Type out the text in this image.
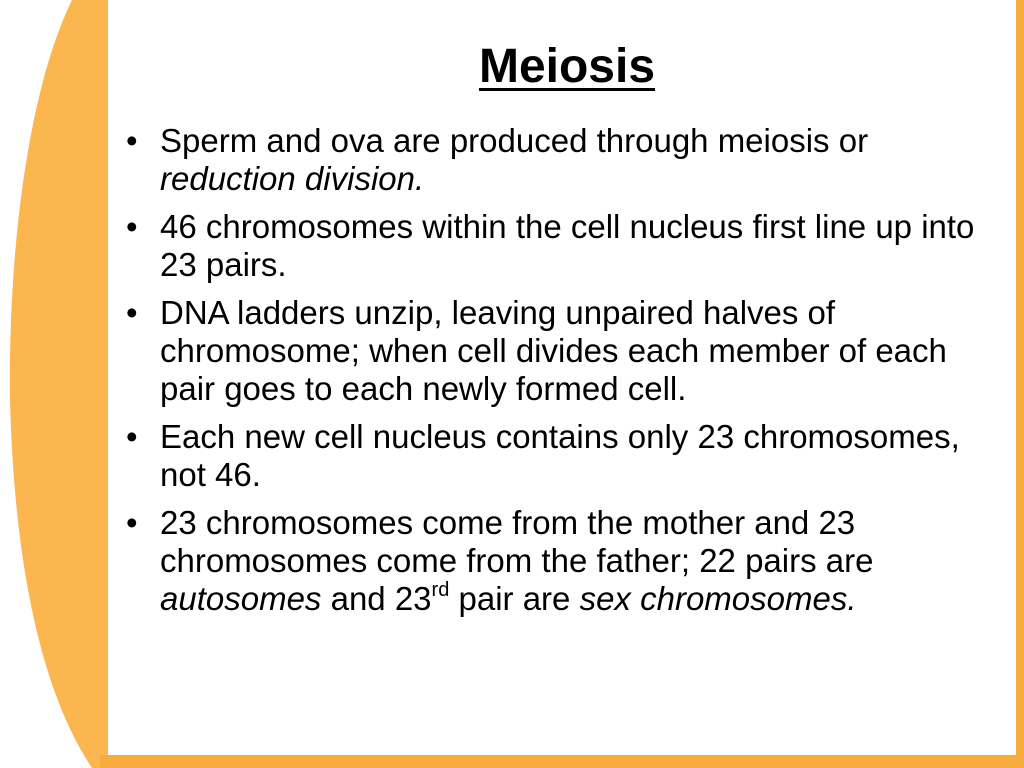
Meiosis
• Sperm and ova are produced through meiosis or reduction division.
• 46 chromosomes within the cell nucleus first line up into 23 pairs.
• DNA ladders unzip, leaving unpaired halves of chromosome; when cell divides each member of each pair goes to each newly formed cell.
• Each new cell nucleus contains only 23 chromosomes, not 46.
• 23 chromosomes come from the mother and 23 chromosomes come from the father; 22 pairs are autosomes and 23rd pair are sex chromosomes.
